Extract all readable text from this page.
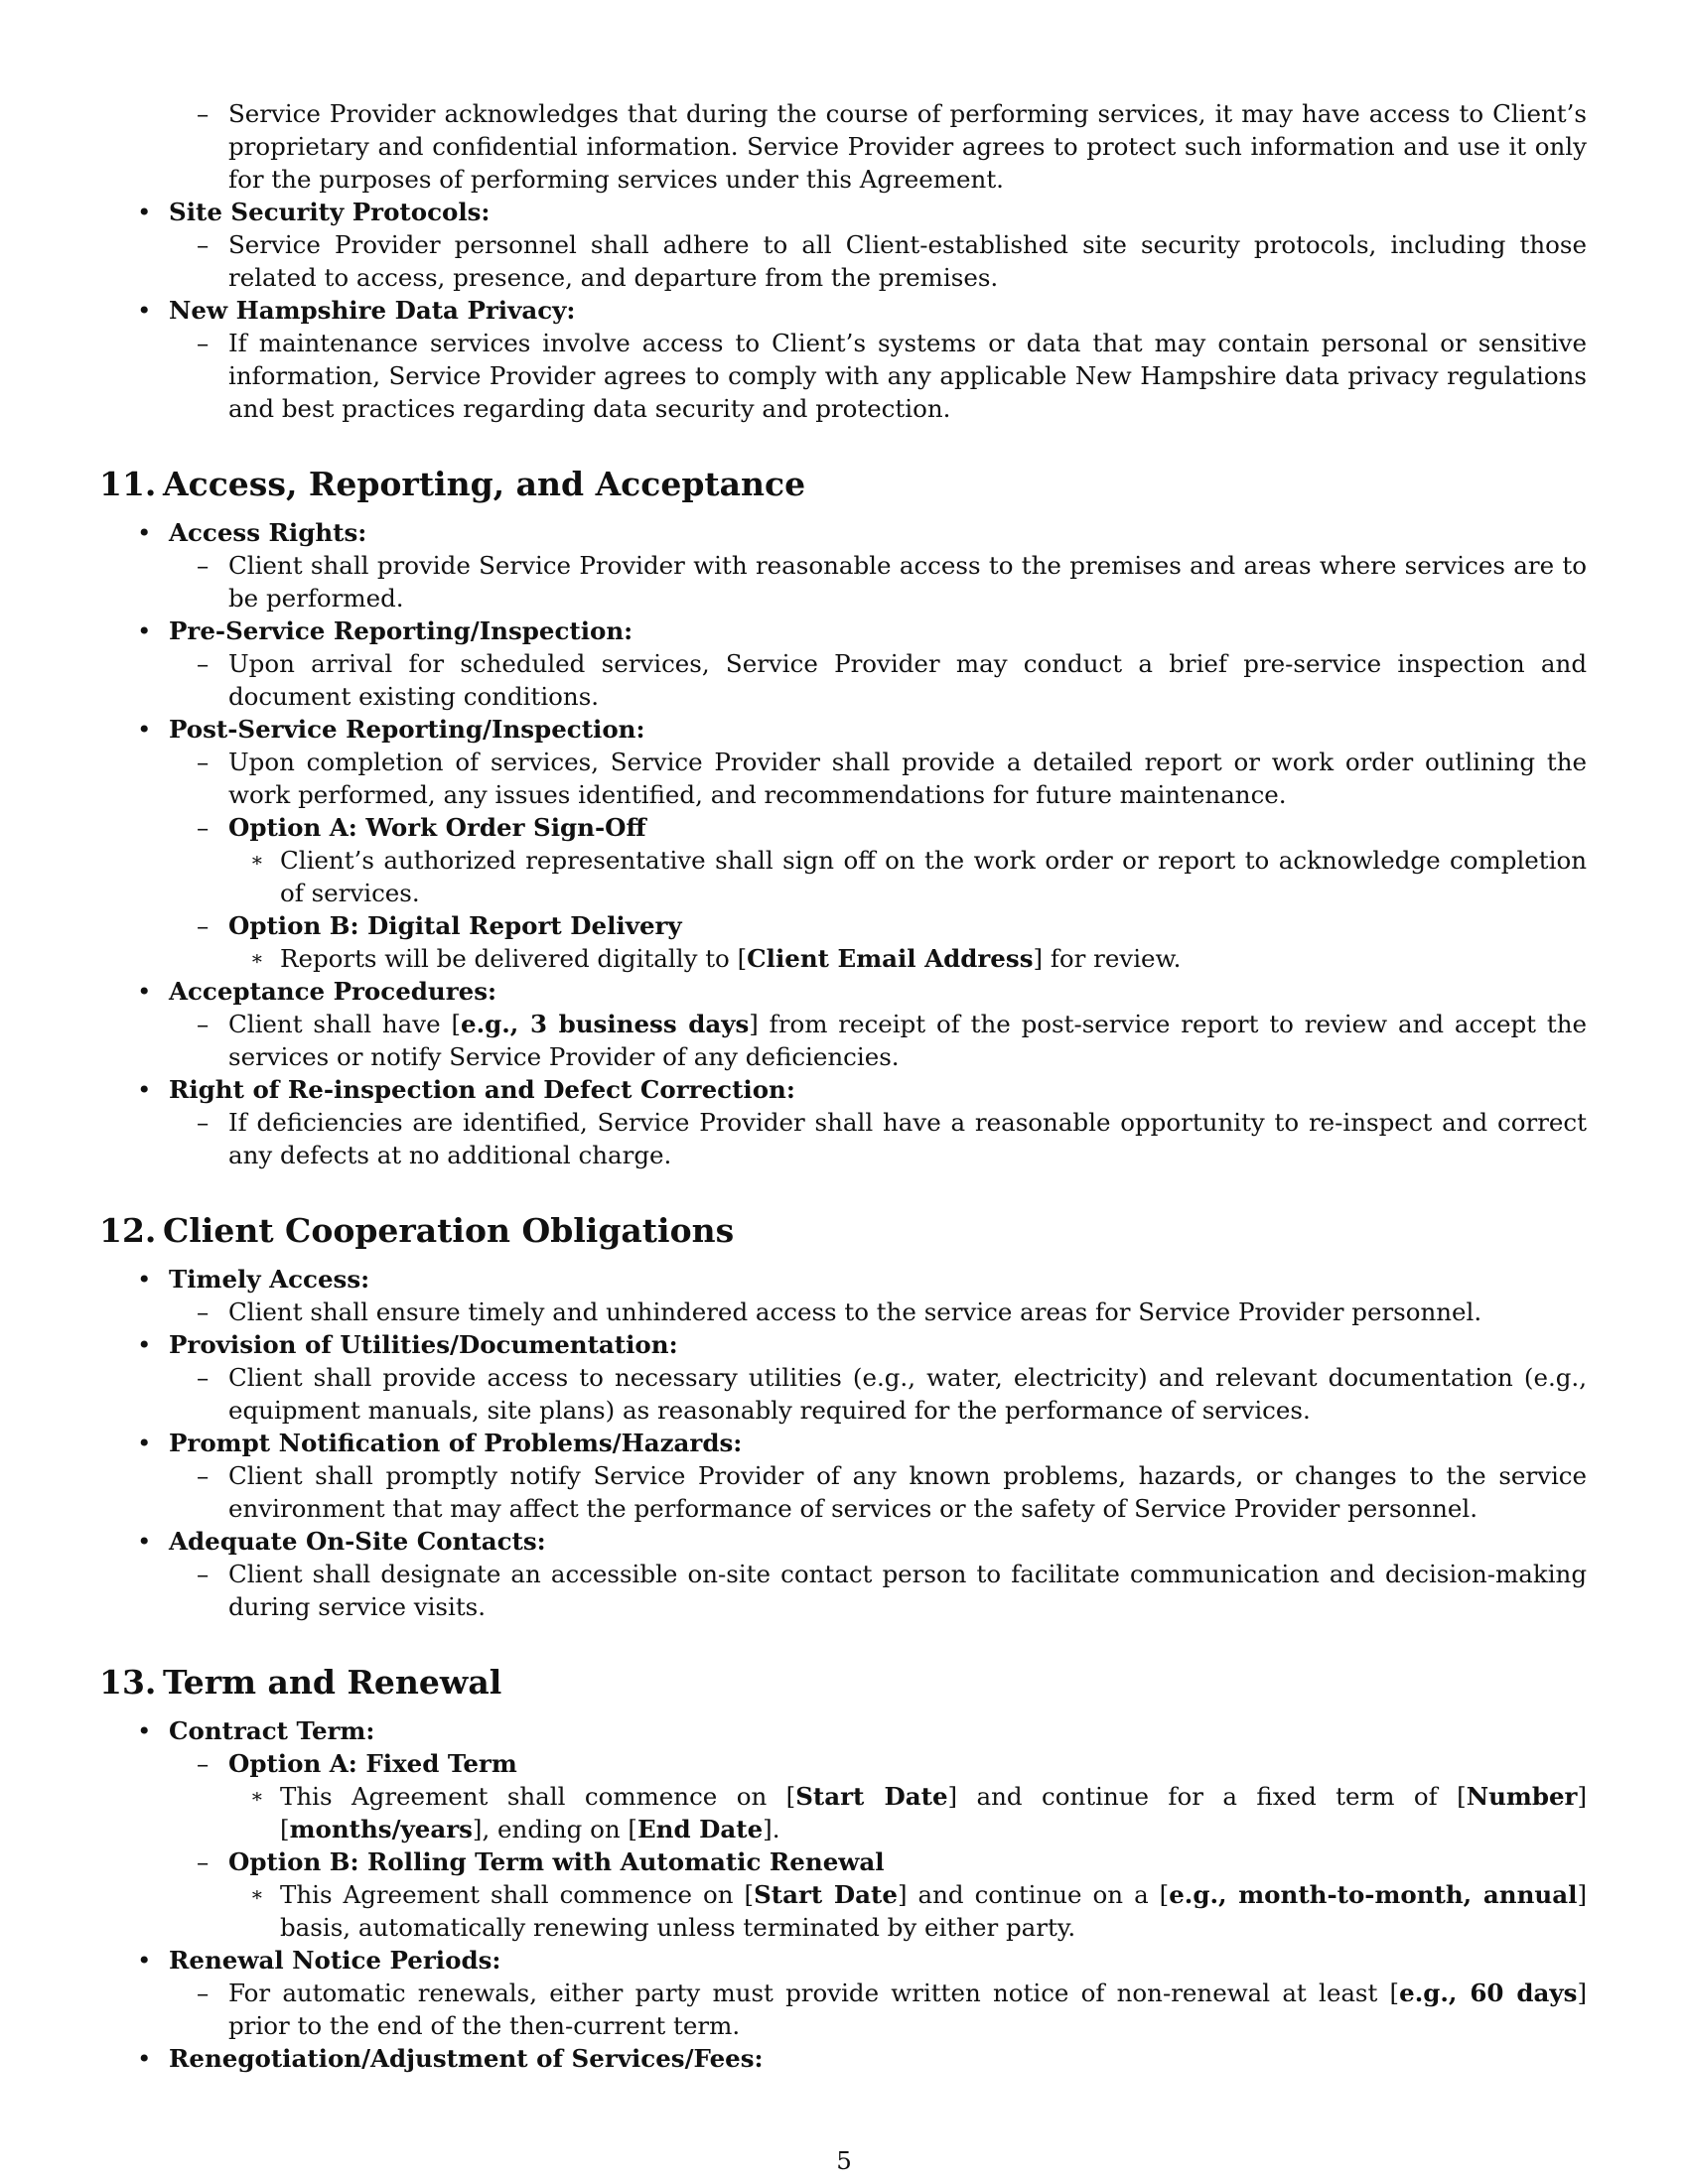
– Service Provider acknowledges that during the course of performing services, it may have access to Client’s proprietary and confidential information. Service Provider agrees to protect such information and use it only for the purposes of performing services under this Agreement.
• Site Security Protocols:
– Service Provider personnel shall adhere to all Client-established site security protocols, including those related to access, presence, and departure from the premises.
• New Hampshire Data Privacy:
– If maintenance services involve access to Client’s systems or data that may contain personal or sensitive information, Service Provider agrees to comply with any applicable New Hampshire data privacy regulations and best practices regarding data security and protection.
11. Access, Reporting, and Acceptance
• Access Rights:
– Client shall provide Service Provider with reasonable access to the premises and areas where services are to be performed.
• Pre-Service Reporting/Inspection:
– Upon arrival for scheduled services, Service Provider may conduct a brief pre-service inspection and document existing conditions.
• Post-Service Reporting/Inspection:
– Upon completion of services, Service Provider shall provide a detailed report or work order outlining the work performed, any issues identified, and recommendations for future maintenance.
– Option A: Work Order Sign-Off
∗ Client’s authorized representative shall sign off on the work order or report to acknowledge completion of services.
– Option B: Digital Report Delivery
∗ Reports will be delivered digitally to [Client Email Address] for review.
• Acceptance Procedures:
– Client shall have [e.g., 3 business days] from receipt of the post-service report to review and accept the services or notify Service Provider of any deficiencies.
• Right of Re-inspection and Defect Correction:
– If deficiencies are identified, Service Provider shall have a reasonable opportunity to re-inspect and correct any defects at no additional charge.
12. Client Cooperation Obligations
• Timely Access:
– Client shall ensure timely and unhindered access to the service areas for Service Provider personnel.
• Provision of Utilities/Documentation:
– Client shall provide access to necessary utilities (e.g., water, electricity) and relevant documentation (e.g., equipment manuals, site plans) as reasonably required for the performance of services.
• Prompt Notification of Problems/Hazards:
– Client shall promptly notify Service Provider of any known problems, hazards, or changes to the service environment that may affect the performance of services or the safety of Service Provider personnel.
• Adequate On-Site Contacts:
– Client shall designate an accessible on-site contact person to facilitate communication and decision-making during service visits.
13. Term and Renewal
• Contract Term:
– Option A: Fixed Term
∗ This Agreement shall commence on [Start Date] and continue for a fixed term of [Number] [months/years], ending on [End Date].
– Option B: Rolling Term with Automatic Renewal
∗ This Agreement shall commence on [Start Date] and continue on a [e.g., month-to-month, annual] basis, automatically renewing unless terminated by either party.
• Renewal Notice Periods:
– For automatic renewals, either party must provide written notice of non-renewal at least [e.g., 60 days] prior to the end of the then-current term.
• Renegotiation/Adjustment of Services/Fees:
5
